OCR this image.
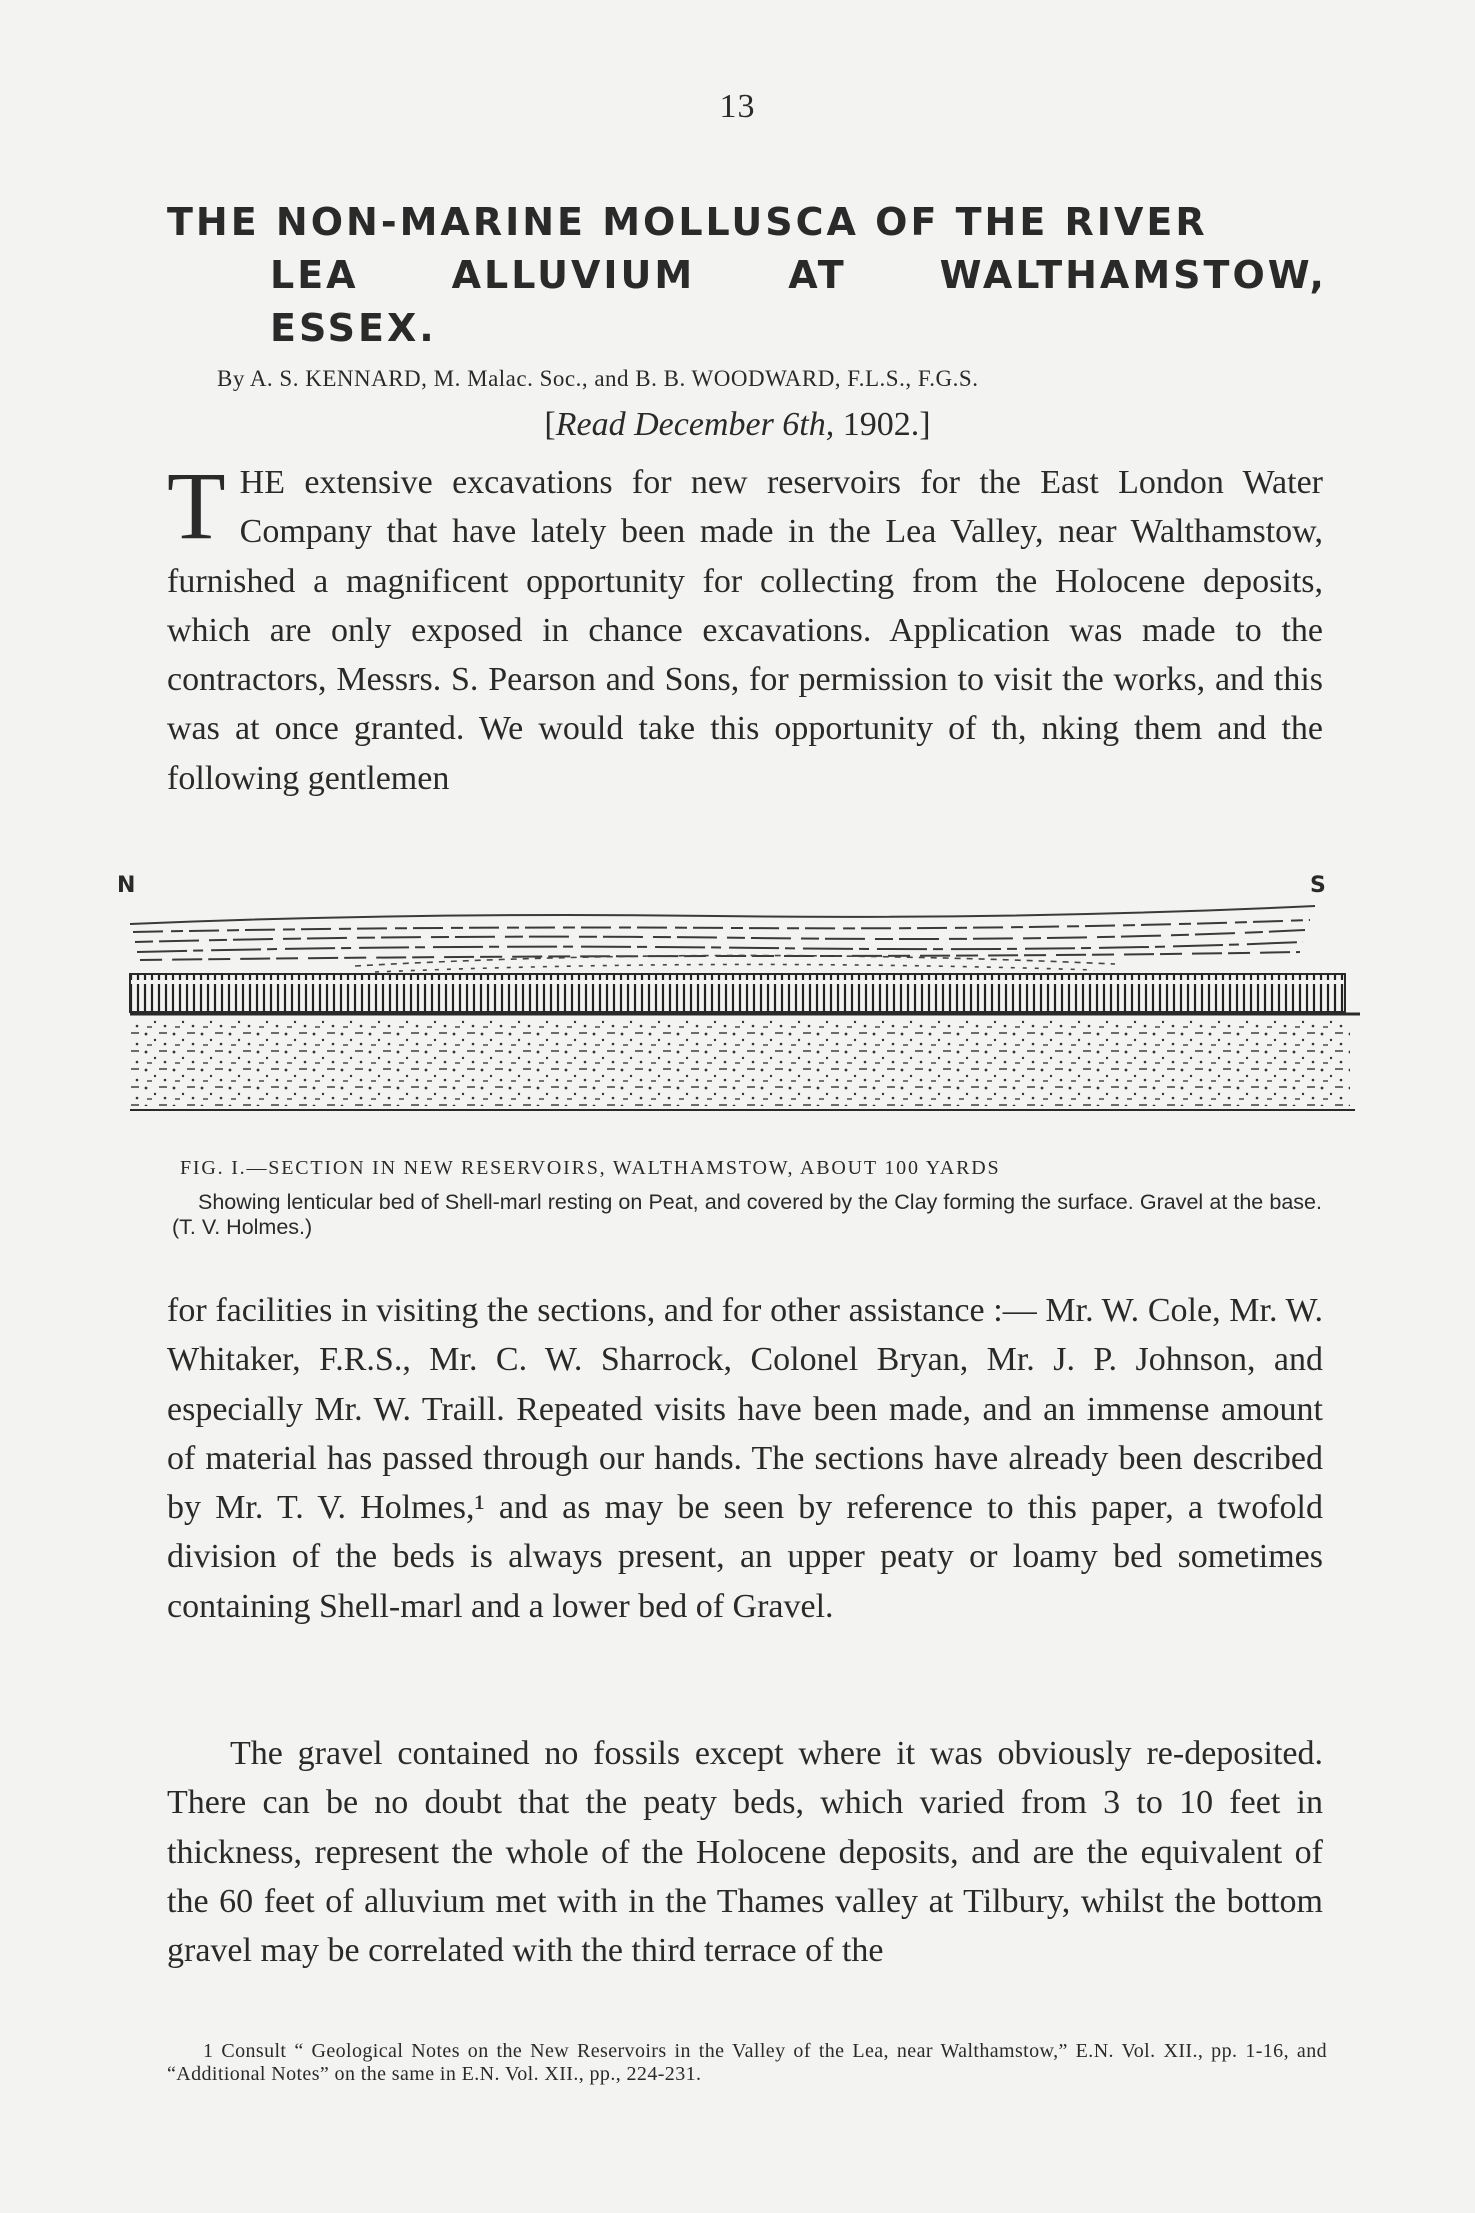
13
THE NON-MARINE MOLLUSCA OF THE RIVER
LEA ALLUVIUM AT WALTHAMSTOW,
ESSEX.
By A. S. KENNARD, M. Malac. Soc., and B. B. WOODWARD, F.L.S., F.G.S.
[Read December 6th, 1902.]

THE extensive excavations for new reservoirs for the East London Water Company that have lately been made in the Lea Valley, near Walthamstow, furnished a magnificent opportunity for collecting from the Holocene deposits, which are only exposed in chance excavations. Application was made to the contractors, Messrs. S. Pearson and Sons, for permission to visit the works, and this was at once granted. We would take this opportunity of th, nking them and the following gentlemen

N	S
FIG. I.—SECTION IN NEW RESERVOIRS, WALTHAMSTOW, ABOUT 100 YARDS
Showing lenticular bed of Shell-marl resting on Peat, and covered by the Clay forming the surface. Gravel at the base. (T. V. Holmes.)

for facilities in visiting the sections, and for other assistance :— Mr. W. Cole, Mr. W. Whitaker, F.R.S., Mr. C. W. Sharrock, Colonel Bryan, Mr. J. P. Johnson, and especially Mr. W. Traill. Repeated visits have been made, and an immense amount of material has passed through our hands. The sections have already been described by Mr. T. V. Holmes,¹ and as may be seen by reference to this paper, a twofold division of the beds is always present, an upper peaty or loamy bed sometimes containing Shell-marl and a lower bed of Gravel.

The gravel contained no fossils except where it was obviously re-deposited. There can be no doubt that the peaty beds, which varied from 3 to 10 feet in thickness, represent the whole of the Holocene deposits, and are the equivalent of the 60 feet of alluvium met with in the Thames valley at Tilbury, whilst the bottom gravel may be correlated with the third terrace of the

1 Consult “ Geological Notes on the New Reservoirs in the Valley of the Lea, near Walthamstow,” E.N. Vol. XII., pp. 1-16, and “Additional Notes” on the same in E.N. Vol. XII., pp., 224-231.
